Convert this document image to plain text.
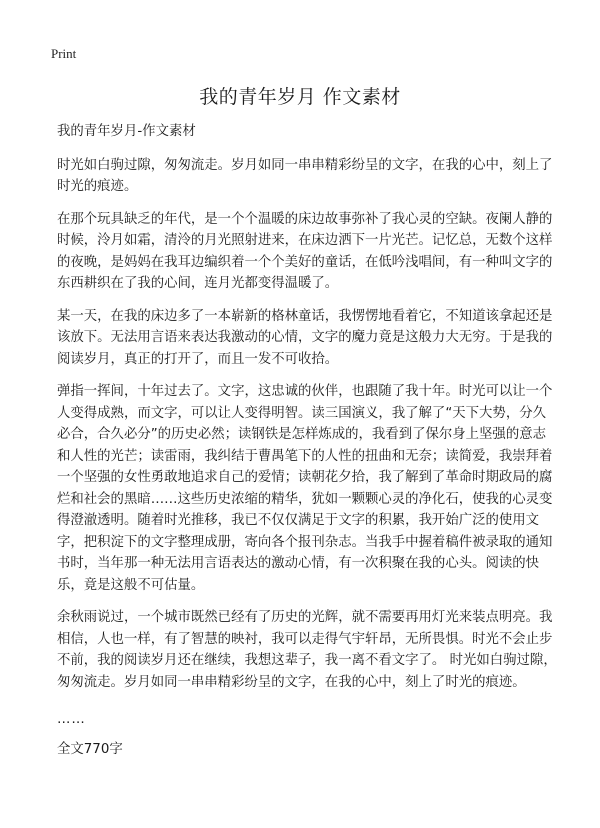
Print
我的青年岁月 作文素材

我的青年岁月-作文素材

时光如白驹过隙，匆匆流走。岁月如同一串串精彩纷呈的文字，在我的心中，刻上了时光的痕迹。

在那个玩具缺乏的年代，是一个个温暖的床边故事弥补了我心灵的空缺。夜阑人静的时候，泠月如霜，清泠的月光照射进来，在床边洒下一片光芒。记忆总，无数个这样的夜晚，是妈妈在我耳边编织着一个个美好的童话，在低吟浅唱间，有一种叫文字的东西耕织在了我的心间，连月光都变得温暖了。

某一天，在我的床边多了一本崭新的格林童话，我愣愣地看着它，不知道该拿起还是该放下。无法用言语来表达我激动的心情，文字的魔力竟是这般力大无穷。于是我的阅读岁月，真正的打开了，而且一发不可收拾。

弹指一挥间，十年过去了。文字，这忠诚的伙伴，也跟随了我十年。时光可以让一个人变得成熟，而文字，可以让人变得明智。读三国演义，我了解了“天下大势，分久必合，合久必分”的历史必然；读钢铁是怎样炼成的，我看到了保尔身上坚强的意志和人性的光芒；读雷雨，我纠结于曹禺笔下的人性的扭曲和无奈；读简爱，我崇拜着一个坚强的女性勇敢地追求自己的爱情；读朝花夕拾，我了解到了革命时期政局的腐烂和社会的黑暗……这些历史浓缩的精华，犹如一颗颗心灵的净化石，使我的心灵变得澄澈透明。随着时光推移，我已不仅仅满足于文字的积累，我开始广泛的使用文字，把积淀下的文字整理成册，寄向各个报刊杂志。当我手中握着稿件被录取的通知书时，当年那一种无法用言语表达的激动心情，有一次积聚在我的心头。阅读的快乐，竟是这般不可估量。

余秋雨说过，一个城市既然已经有了历史的光辉，就不需要再用灯光来装点明亮。我相信，人也一样，有了智慧的映衬，我可以走得气宇轩昂，无所畏惧。时光不会止步不前，我的阅读岁月还在继续，我想这辈子，我一离不看文字了。 时光如白驹过隙，匆匆流走。岁月如同一串串精彩纷呈的文字，在我的心中，刻上了时光的痕迹。

……

全文770字
